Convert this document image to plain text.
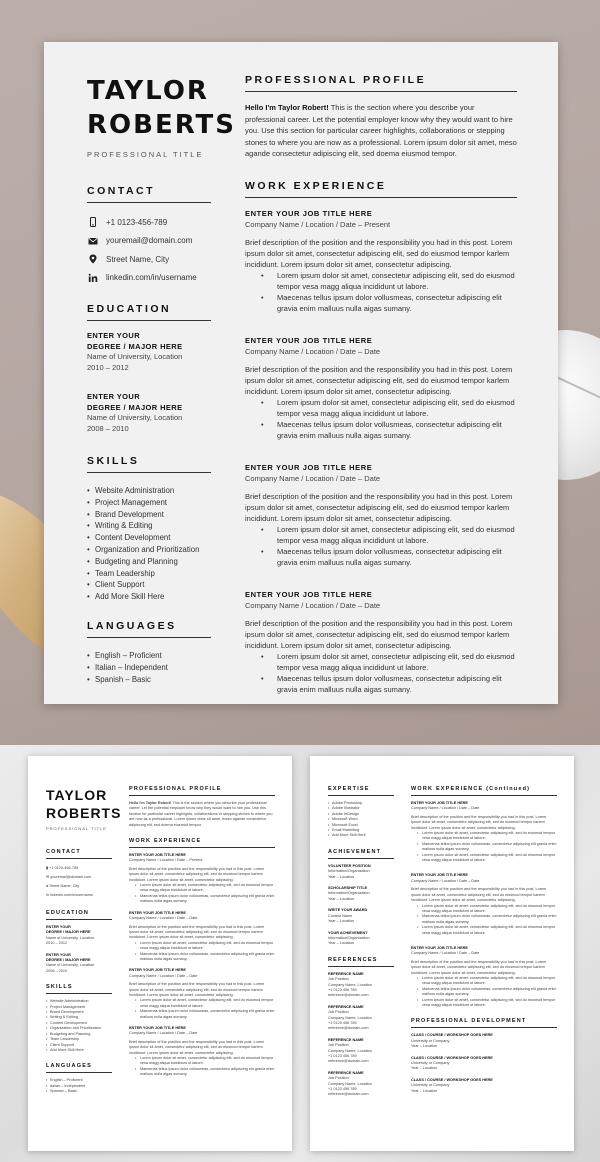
TAYLOR
ROBERTS
PROFESSIONAL TITLE
CONTACT
+1 0123-456-789
youremail@domain.com
Street Name, City
linkedin.com/in/username
EDUCATION
ENTER YOUR
DEGREE / MAJOR HERE
Name of University, Location
2010 – 2012
ENTER YOUR
DEGREE / MAJOR HERE
Name of University, Location
2008 – 2010
SKILLS
• Website Administration
• Project Management
• Brand Development
• Writing & Editing
• Content Development
• Organization and Prioritization
• Budgeting and Planning
• Team Leadership
• Client Support
• Add More Skill Here
LANGUAGES
• English – Proficient
• Italian – Independent
• Spanish – Basic
PROFESSIONAL PROFILE
Hello I'm Taylor Robert! This is the section where you describe your professional career. Let the potential employer know why they would want to hire you. Use this section for particular career highlights, collaborations or stepping stones to where you are now as a professional. Lorem ipsum dolor sit amet, meso agande consectetur adipiscing elit, sed doema eiusmod tempor.
WORK EXPERIENCE
ENTER YOUR JOB TITLE HERE
Company Name / Location / Date – Present
Brief description of the position and the responsibility you had in this post. Lorem ipsum dolor sit amet, consectetur adipiscing elit, sed do eiusmod tempor karlem incididunt. Lorem ipsum dolor sit amet, consectetur adipiscing.
• Lorem ipsum dolor sit amet, consectetur adipiscing elit, sed do eiusmod tempor vesa magg aliqua incididunt ut labore.
• Maecenas tellus ipsum dolor vollusmeas, consectetur adipiscing elit gravia enim malluus nulla aigas sumany.
ENTER YOUR JOB TITLE HERE
Company Name / Location / Date – Date
Brief description of the position and the responsibility you had in this post. Lorem ipsum dolor sit amet, consectetur adipiscing elit, sed do eiusmod tempor karlem incididunt. Lorem ipsum dolor sit amet, consectetur adipiscing.
• Lorem ipsum dolor sit amet, consectetur adipiscing elit, sed do eiusmod tempor vesa magg aliqua incididunt ut labore.
• Maecenas tellus ipsum dolor vollusmeas, consectetur adipiscing elit gravia enim malluus nulla aigas sumany.
ENTER YOUR JOB TITLE HERE
Company Name / Location / Date – Date
Brief description of the position and the responsibility you had in this post. Lorem ipsum dolor sit amet, consectetur adipiscing elit, sed do eiusmod tempor karlem incididunt. Lorem ipsum dolor sit amet, consectetur adipiscing.
• Lorem ipsum dolor sit amet, consectetur adipiscing elit, sed do eiusmod tempor vesa magg aliqua incididunt ut labore.
• Maecenas tellus ipsum dolor vollusmeas, consectetur adipiscing elit gravia enim malluus nulla aigas sumany.
ENTER YOUR JOB TITLE HERE
Company Name / Location / Date – Date
Brief description of the position and the responsibility you had in this post. Lorem ipsum dolor sit amet, consectetur adipiscing elit, sed do eiusmod tempor karlem incididunt. Lorem ipsum dolor sit amet, consectetur adipiscing.
• Lorem ipsum dolor sit amet, consectetur adipiscing elit, sed do eiusmod tempor vesa magg aliqua incididunt ut labore.
• Maecenas tellus ipsum dolor vollusmeas, consectetur adipiscing elit gravia enim malluus nulla aigas sumany.
TAYLOR
ROBERTS
PROFESSIONAL TITLE
CONTACT
▮ +1 0123-456-789
✉ youremail@domain.com
● Street Name, City
in linkedin.com/in/username
EDUCATION
ENTER YOUR
DEGREE / MAJOR HERE
Name of University, Location
2010 – 2012
ENTER YOUR
DEGREE / MAJOR HERE
Name of University, Location
2008 – 2010
SKILLS
• Website Administration
• Project Management
• Brand Development
• Writing & Editing
• Content Development
• Organization and Prioritization
• Budgeting and Planning
• Team Leadership
• Client Support
• Add More Skill Here
LANGUAGES
• English – Proficient
• Italian – Independent
• Spanish – Basic
PROFESSIONAL PROFILE
Hello I'm Taylor Robert! This is the section where you describe your professional career. Let the potential employer know why they would want to hire you. Use this section for particular career highlights, collaborations or stepping stones to where you are now as a professional. Lorem ipsum dolor sit amet, meso agande consectetur adipiscing elit, sed doema eiusmod tempor.
WORK EXPERIENCE
ENTER YOUR JOB TITLE HERE
Company Name / Location / Date – Present
Brief description of the position and the responsibility you had in this post. Lorem ipsum dolor sit amet, consectetur adipiscing elit, sed do eiusmod tempor karlem incididunt. Lorem ipsum dolor sit amet, consectetur adipiscing.
• Lorem ipsum dolor sit amet, consectetur adipiscing elit, sed do eiusmod tempor vesa magg aliqua incididunt ut labore.
• Maecenas tellus ipsum dolor vollusmeas, consectetur adipiscing elit gravia enim malluus nulla aigas sumany.
ENTER YOUR JOB TITLE HERE
Company Name / Location / Date – Date
Brief description of the position and the responsibility you had in this post. Lorem ipsum dolor sit amet, consectetur adipiscing elit, sed do eiusmod tempor karlem incididunt. Lorem ipsum dolor sit amet, consectetur adipiscing.
• Lorem ipsum dolor sit amet, consectetur adipiscing elit, sed do eiusmod tempor vesa magg aliqua incididunt ut labore.
• Maecenas tellus ipsum dolor vollusmeas, consectetur adipiscing elit gravia enim malluus nulla aigas sumany.
ENTER YOUR JOB TITLE HERE
Company Name / Location / Date – Date
Brief description of the position and the responsibility you had in this post. Lorem ipsum dolor sit amet, consectetur adipiscing elit, sed do eiusmod tempor karlem incididunt. Lorem ipsum dolor sit amet, consectetur adipiscing.
• Lorem ipsum dolor sit amet, consectetur adipiscing elit, sed do eiusmod tempor vesa magg aliqua incididunt ut labore.
• Maecenas tellus ipsum dolor vollusmeas, consectetur adipiscing elit gravia enim malluus nulla aigas sumany.
ENTER YOUR JOB TITLE HERE
Company Name / Location / Date – Date
Brief description of the position and the responsibility you had in this post. Lorem ipsum dolor sit amet, consectetur adipiscing elit, sed do eiusmod tempor karlem incididunt. Lorem ipsum dolor sit amet, consectetur adipiscing.
• Lorem ipsum dolor sit amet, consectetur adipiscing elit, sed do eiusmod tempor vesa magg aliqua incididunt ut labore.
• Maecenas tellus ipsum dolor vollusmeas, consectetur adipiscing elit gravia enim malluus nulla aigas sumany.
EXPERTISE
• Adobe Photoshop
• Adobe Illustrator
• Adobe InDesign
• Microsoft Word
• Microsoft Excel
• Email Marketing
• Add More Skill Here
ACHIEVEMENT
VOLUNTEER POSITION
Information/Organization
Year – Location
SCHOLARSHIP TITLE
Information/Organization
Year – Location
WRITE YOUR AWARD
Contest Name
Year – Location
YOUR ACHIEVEMENT
Information/Organization
Year – Location
REFERENCES
REFERENCE NAME
Job Position
Company Name, Location
+1 0123 456 789
reference@domain.com
REFERENCE NAME
Job Position
Company Name, Location
+1 0123 456 789
reference@domain.com
REFERENCE NAME
Job Position
Company Name, Location
+1 0123 456 789
reference@domain.com
REFERENCE NAME
Job Position
Company Name, Location
+1 0123 456 789
reference@domain.com
WORK EXPERIENCE (Continued)
ENTER YOUR JOB TITLE HERE
Company Name / Location / Date – Date
Brief description of the position and the responsibility you had in this post. Lorem ipsum dolor sit amet, consectetur adipiscing elit, sed do eiusmod tempor karlem incididunt. Lorem ipsum dolor sit amet, consectetur adipiscing.
• Lorem ipsum dolor sit amet, consectetur adipiscing elit, sed do eiusmod tempor vesa magg aliqua incididunt ut labore.
• Maecenas tellus ipsum dolor vollusmeas, consectetur adipiscing elit gravia enim malluus nulla aigas sumany.
• Lorem ipsum dolor sit amet, consectetur adipiscing elit, sed do eiusmod tempor vesa magg aliqua incididunt ut labore.
ENTER YOUR JOB TITLE HERE
Company Name / Location / Date – Date
Brief description of the position and the responsibility you had in this post. Lorem ipsum dolor sit amet, consectetur adipiscing elit, sed do eiusmod tempor karlem incididunt. Lorem ipsum dolor sit amet, consectetur adipiscing.
• Lorem ipsum dolor sit amet, consectetur adipiscing elit, sed do eiusmod tempor vesa magg aliqua incididunt ut labore.
• Maecenas tellus ipsum dolor vollusmeas, consectetur adipiscing elit gravia enim malluus nulla aigas sumany.
• Lorem ipsum dolor sit amet, consectetur adipiscing elit, sed do eiusmod tempor vesa magg aliqua incididunt ut labore.
ENTER YOUR JOB TITLE HERE
Company Name / Location / Date – Date
Brief description of the position and the responsibility you had in this post. Lorem ipsum dolor sit amet, consectetur adipiscing elit, sed do eiusmod tempor karlem incididunt. Lorem ipsum dolor sit amet, consectetur adipiscing.
• Lorem ipsum dolor sit amet, consectetur adipiscing elit, sed do eiusmod tempor vesa magg aliqua incididunt ut labore.
• Maecenas tellus ipsum dolor vollusmeas, consectetur adipiscing elit gravia enim malluus nulla aigas sumany.
• Lorem ipsum dolor sit amet, consectetur adipiscing elit, sed do eiusmod tempor vesa magg aliqua incididunt ut labore.
PROFESSIONAL DEVELOPMENT
CLASS / COURSE / WORKSHOP GOES HERE
University or Company
Year – Location
CLASS / COURSE / WORKSHOP GOES HERE
University or Company
Year – Location
CLASS / COURSE / WORKSHOP GOES HERE
University or Company
Year – Location
